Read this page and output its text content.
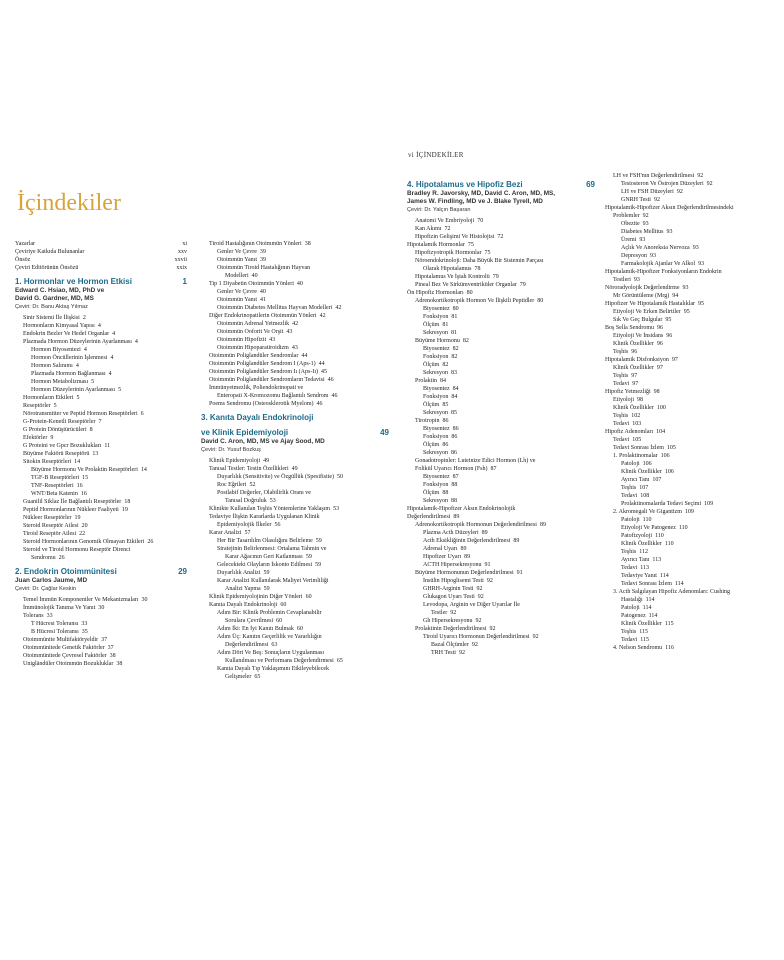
vi İÇİNDEKİLER
İçindekiler
Yazarlar	xi
Çeviriye Katkıda Bulunanlar	xxv
Önsöz	xxvii
Çeviri Editörünün Önsözü	xxix
1. Hormonlar ve Hormon Etkisi	1
Edward C. Hsiao, MD, PhD ve
David G. Gardner, MD, MS
Çeviri: Dr. Banu Aktaş Yılmaz
Sinir Sistemi İle İlişkisi 2
Hormonların Kimyasal Yapısı 4
Endokrin Bezler Ve Hedef Organlar 4
Plazmada Hormon Düzeylerinin Ayarlanması 4
Hormon Biyosentezi 4
Hormon Öncüllerinin İşlenmesi 4
Hormon Salınımı 4
Plazmada Hormon Bağlanması 4
Hormon Metabolizması 5
Hormon Düzeylerinin Ayarlanması 5
Hormonların Etkileri 5
Reseptörler 5
Nörotransmitter ve Peptid Hormon Reseptörleri 6
G-Protein-Kenetli Reseptörler 7
G Protein Dönüştürücüleri 8
Efektörler 9
G Proteini ve Gpcr Bozuklukları 11
Büyüme Faktörü Reseptörü 13
Sitokin Reseptörleri 14
Büyüme Hormonu Ve Prolaktin Reseptörleri 14
TGF-B Reseptörleri 15
TNF-Reseptörleri 16
WNT/Beta Katenin 16
Guanilil Siklaz İle Bağlantılı Reseptörler 18
Peptid Hormonlarının Nükleer Faaliyeti 19
Nükleer Reseptörler 19
Steroid Reseptör Ailesi 20
Tiroid Reseptör Ailesi 22
Steroid Hormonlarının Genomik Olmayan Etkileri 26
Steroid ve Tiroid Hormonu Reseptör Direnci
Sendromu 26
2. Endokrin Otoimmünitesi	29
Juan Carlos Jaume, MD
Çeviri: Dr. Çağlar Keskin
Temel İmmün Komponentler Ve Mekanizmaları 30
İmmünolojik Tanıma Ve Yanıt 30
Tolerans 33
T Hücresi Toleransı 33
B Hücresi Toleransı 35
Otoimmünite Multifaktöryeldir 37
Otoimmünitede Genetik Faktörler 37
Otoimmünitede Çevresel Faktörler 38
Unigländüler Otoimmün Bozukluklar 38
Tiroid Hastalığının Otoimmün Yönleri 38
Genler Ve Çevre 39
Otoimmün Yanıt 39
Otoimmün Tiroid Hastalığının Hayvan
Modelleri 40
Tip 1 Diyabetin Otoimmün Yönleri 40
Genler Ve Çevre 40
Otoimmün Yanıt 41
Otoimmün Diabetes Mellitus Hayvan Modelleri 42
Diğer Endokrinopatilerin Otoimmün Yönleri 42
Otoimmün Adrenal Yetmezlik 42
Otoimmün Ooforit Ve Orşit 43
Otoimmün Hipofizit 43
Otoimmün Hipoparatiroidizm 43
Otoimmün Poliglandüler Sendromlar 44
Otoimmün Poliglandüler Sendrom I (Aps-1) 44
Otoimmün Poliglandüler Sendrom Iı (Aps-Iı) 45
Otoimmün Poliglandüler Sendromların Tedavisi 46
İmmünyetmezlik, Poliendokrinopati ve
Enteropati X-Kromozomu Bağlantılı Sendrom 46
Poems Sendromu (Osteosklerotik Myelom) 46
3. Kanıta Dayalı Endokrinoloji
ve Klinik Epidemiyoloji	49
David C. Aron, MD, MS ve Ajay Sood, MD
Çeviri: Dr. Yusuf Bozkuş
Klinik Epidemiyoloji 49
Tanısal Testler: Testin Özellikleri 49
Duyarlılık (Sensitivite) ve Özgüllük (Spesifisite) 50
Roc Eğrileri 52
Postlabif Değerler, Olabilirlik Oranı ve
Tanısal Doğruluk 53
Klinikte Kullanılan Teşhis Yöntemlerine Yaklaşım 53
Tedaviye İlişkin Kararlarda Uygulanan Klinik
Epidemiyolojik İlkeler 56
Karar Analizi 57
Her Bir Tasarılılm Olasılığını Belirleme 59
Stratejinin Belirlenmesi: Ortalama Tahmin ve
Karar Ağacının Geri Katlanması 59
Gelecekteki Olayların İskonto Edilmesi 59
Duyarlılık Analizi 59
Karar Analizi Kullanılarak Maliyet Verimliliği
Analizi Yapma 59
Klinik Epidemiyolojinin Diğer Yönleri 60
Kanıta Dayalı Endokrinoloji 60
Adım Bir: Klinik Problemin Cevaplanabilir
Sorulara Çevrilmesi 60
Adım İki: En İyi Kanıtı Bulmak 60
Adım Üç: Kanıtın Geçerlilik ve Yararlılığın
Değerlendirilmesi 63
Adım Dört Ve Beş: Sonuçların Uygulanması
Kullanılması ve Performans Değerlendirmesi 65
Kanıta Dayalı Tıp Yaklaşımını Etkileyebilecek
Gelişmeler 65
4. Hipotalamus ve Hipofiz Bezi	69
Bradley R. Javorsky, MD, David C. Aron, MD, MS,
James W. Findling, MD ve J. Blake Tyrell, MD
Çeviri: Dr. Yalçın Başaran
Anatomi Ve Embriyoloji 70
Kan Akımı 72
Hipofizin Gelişimi Ve Histolojisi 72
Hipotalamik Hormonlar 75
Hipofizyotropik Hormonlar 75
Nöroendokrinoloji: Daha Büyük Bir Sistemin Parçası
Olarak Hipotalamus 78
Hipotalamus Ve İştah Kontrolü 79
Pineal Bez Ve Sirkümventriküler Organlar 79
Ön Hipofiz Hormonları 80
Adrenokortikotropik Hormon Ve İlişkili Peptidler 80
Biyosentez 80
Fonksiyon 81
Ölçüm 81
Sekresyon 81
Büyüme Hormonu 82
Biyosentez 82
Fonksiyon 82
Ölçüm 82
Sekresyon 83
Prolaktin 84
Biyosentez 84
Fonksiyon 84
Ölçüm 85
Sekresyon 85
Tirotropin 86
Biyosentez 86
Fonksiyon 86
Ölçüm 86
Sekresyon 86
Gonadotropinler: Luteinize Edici Hormon (Lh) ve
Folikül Uyarıcı Hormon (Fsh) 87
Biyosentez 87
Fonksiyon 88
Ölçüm 88
Sekresyon 88
Hipotalamik-Hipofizer Aksın Endokrinolojik
Değerlendirilmesi 89
Adrenokortikotropik Hormonun Değerlendirilmesi 89
Plazma Acth Düzeyleri 89
Acth Eksikliğinin Değerlendirilmesi 89
Adrenal Uyarı 89
Hipofizer Uyarı 89
ACTH Hipersekresyonu 91
Büyüme Hormonunun Değerlendirilmesi 91
İnsülin Hipoglisemi Testi 92
GHRH-Arginin Testi 92
Glukagon Uyarı Testi 92
Levodopa, Arginin ve Diğer Uyarılar İle
Testler 92
Gh Hipersekresyonu 92
Prolaktinin Değerlendirilmesi 92
Tiroid Uyarıcı Hormonun Değerlendirilmesi 92
Bazal Ölçümler 92
TRH Testi 92
LH ve FSH'nın Değerlendirilmesi 92
Testosteron Ve Östrojen Düzeyleri 92
LH ve FSH Düzeyleri 92
GNRH Testi 92
Hipotalamik-Hipofizer Aksın Değerlendirilmesindeki
Problemler 92
Obezite 93
Diabetes Mellitus 93
Üremi 93
Açlık Ve Anoreksia Nervoza 93
Depresyon 93
Farmakolojik Ajanlar Ve Alkol 93
Hipotalamik-Hipofizer Fonksiyonların Endokrin
Testleri 93
Nöroradyolojik Değerlendirme 93
Mr Görüntüleme (Mrg) 94
Hipofizer Ve Hipotalamik Hastalıklar 95
Etiyoloji Ve Erken Belirtiler 95
Sık Ve Geç Bulgular 95
Boş Sella Sendromu 96
Etiyoloji Ve İnsidans 96
Klinik Özellikler 96
Teşhis 96
Hipotalamik Disfonksiyon 97
Klinik Özellikler 97
Teşhis 97
Tedavi 97
Hipofiz Yetmezliği 98
Etiyoloji 98
Klinik Özellikler 100
Teşhis 102
Tedavi 103
Hipofiz Adenomları 104
Tedavi 105
Tedavi Sonrası İzlem 105
1. Prolaktinomalar 106
Patoloji 106
Klinik Özellikler 106
Ayırıcı Tanı 107
Teşhis 107
Tedavi 108
Prolaktinomalarda Tedavi Seçimi 109
2. Akromegali Ve Gigantizm 109
Patoloji 110
Etiyoloji Ve Patogenez 110
Patofizyoloji 110
Klinik Özellikler 110
Teşhis 112
Ayırıcı Tanı 113
Tedavi 113
Tedaviye Yanıt 114
Tedavi Sonrası İzlem 114
3. Acth Salgılayan Hipofiz Adenomları: Cushing
Hastalığı 114
Patoloji 114
Patogenez 114
Klinik Özellikler 115
Teşhis 115
Tedavi 115
4. Nelson Sendromu 116
